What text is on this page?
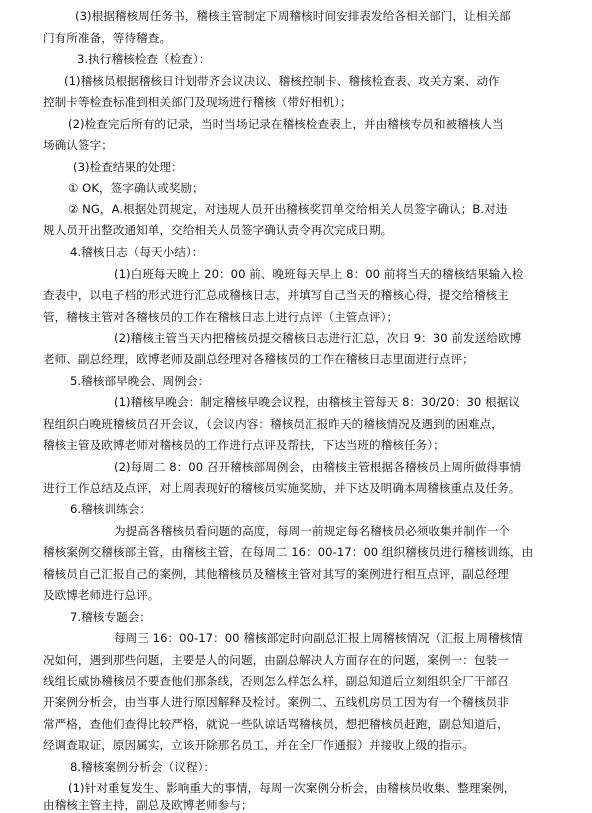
(3)根据稽核周任务书，稽核主管制定下周稽核时间安排表发给各相关部门，让相关部
门有所准备，等待稽查。
3.执行稽核检查（检查）：
(1)稽核员根据稽核日计划带齐会议决议、稽核控制卡、稽核检查表、攻关方案、动作
控制卡等检查标准到相关部门及现场进行稽核（带好相机）；
(2)检查完后所有的记录，当时当场记录在稽核检查表上，并由稽核专员和被稽核人当
场确认签字；
(3)检查结果的处理：
① OK，签字确认或奖励；
② NG，A.根据处罚规定，对违规人员开出稽核奖罚单交给相关人员签字确认；B.对违
规人员开出整改通知单，交给相关人员签字确认责令再次完成日期。
4.稽核日志（每天小结）：
(1)白班每天晚上 20：00 前、晚班每天早上 8：00 前将当天的稽核结果输入检
查表中，以电子档的形式进行汇总成稽核日志，并填写自己当天的稽核心得，提交给稽核主
管，稽核主管对各稽核员的工作在稽核日志上进行点评（主管点评）；
(2)稽核主管当天内把稽核员提交稽核日志进行汇总，次日 9：30 前发送给欧博
老师、副总经理，欧博老师及副总经理对各稽核员的工作在稽核日志里面进行点评；
5.稽核部早晚会、周例会：
(1)稽核早晚会：制定稽核早晚会议程，由稽核主管每天 8：30/20：30 根据议
程组织白晚班稽核员召开会议，（会议内容：稽核员汇报昨天的稽核情况及遇到的困难点，
稽核主管及欧博老师对稽核员的工作进行点评及帮扶，下达当班的稽核任务）；
(2)每周二 8：00 召开稽核部周例会，由稽核主管根据各稽核员上周所做得事情
进行工作总结及点评，对上周表现好的稽核员实施奖励，并下达及明确本周稽核重点及任务。
6.稽核训练会：
为提高各稽核员看问题的高度，每周一前规定每名稽核员必须收集并制作一个
稽核案例交稽核部主管，由稽核主管，在每周二 16：00-17：00 组织稽核员进行稽核训练，由
稽核员自己汇报自己的案例，其他稽核员及稽核主管对其写的案例进行相互点评，副总经理
及欧博老师进行总评。
7.稽核专题会：
每周三 16：00-17：00 稽核部定时向副总汇报上周稽核情况（汇报上周稽核情
况如何，遇到那些问题，主要是人的问题，由副总解决人方面存在的问题，案例一：包装一
线组长威协稽核员不要查他们那条线，否则怎么样怎么样，副总知道后立刻组织全厂干部召
开案例分析会，由当事人进行原因解释及检讨。案例二、五线机房员工因为有一个稽核员非
常严格，查他们查得比较严格，就说一些队谅话骂稽核员，想把稽核员赶跑，副总知道后，
经调查取证，原因属实，立该开除那名员工，并在全厂作通报）并接收上级的指示。
8.稽核案例分析会（议程）：
(1)针对重复发生、影响重大的事情，每周一次案例分析会，由稽核员收集、整理案例，
由稽核主管主持，副总及欧博老师参与；
